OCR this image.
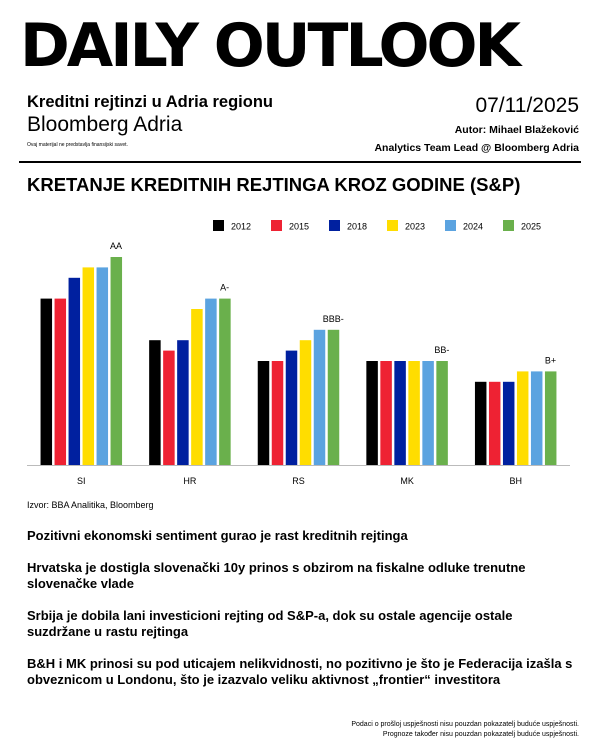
DAILY OUTLOOK
Kreditni rejtinzi u Adria regionu
Bloomberg Adria
Ovaj materijal ne predstavlja finansijski savet.
07/11/2025
Autor: Mihael Blažeković
Analytics Team Lead @ Bloomberg Adria
KRETANJE KREDITNIH REJTINGA KROZ GODINE (S&P)
AA
SI
A-
HR
BBB-
RS
BB-
MK
B+
BH
2012	2015	2018	2023	2024	2025
Izvor: BBA Analitika, Bloomberg
Pozitivni ekonomski sentiment gurao je rast kreditnih rejtinga
Hrvatska je dostigla slovenački 10y prinos s obzirom na fiskalne odluke trenutne slovenačke vlade
Srbija je dobila lani investicioni rejting od S&P-a, dok su ostale agencije ostale suzdržane u rastu rejtinga
B&H i MK prinosi su pod uticajem nelikvidnosti, no pozitivno je što je Federacija izašla s obveznicom u Londonu, što je izazvalo veliku aktivnost „frontier“ investitora
Podaci o prošloj uspješnosti nisu pouzdan pokazatelj buduće uspješnosti.
Prognoze također nisu pouzdan pokazatelj buduće uspješnosti.
